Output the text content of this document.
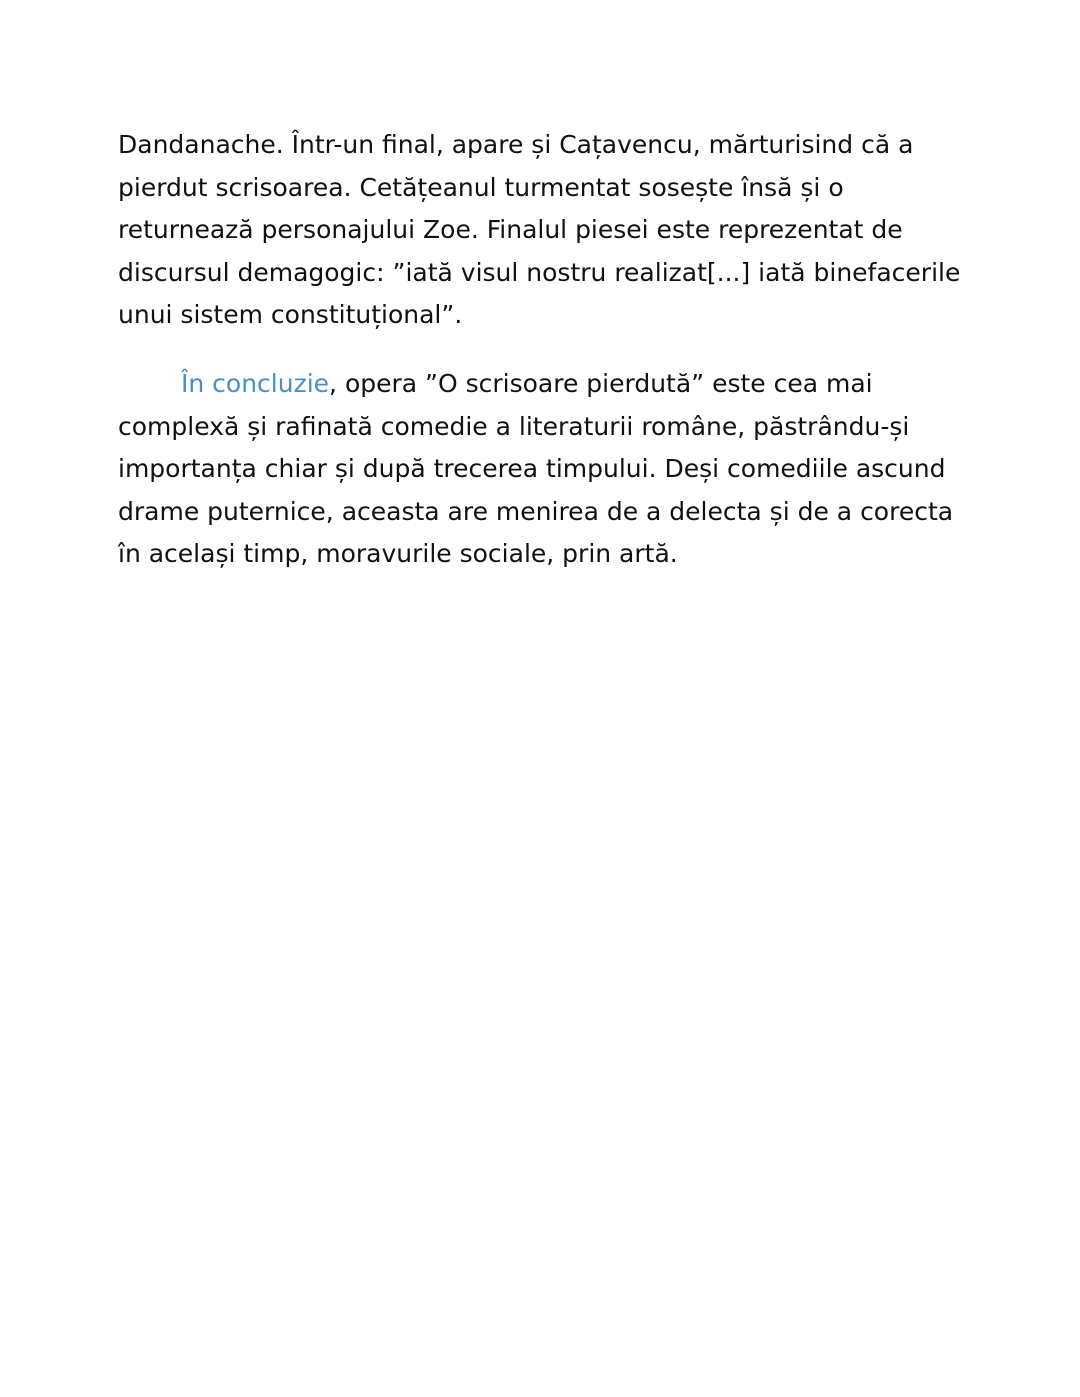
Dandanache. Într-un final, apare și Cațavencu, mărturisind că a
pierdut scrisoarea. Cetățeanul turmentat sosește însă și o
returnează personajului Zoe. Finalul piesei este reprezentat de
discursul demagogic: ”iată visul nostru realizat[...] iată binefacerile
unui sistem constituțional”.
În concluzie, opera ”O scrisoare pierdută” este cea mai
complexă și rafinată comedie a literaturii române, păstrându-și
importanța chiar și după trecerea timpului. Deși comediile ascund
drame puternice, aceasta are menirea de a delecta și de a corecta
în același timp, moravurile sociale, prin artă.
